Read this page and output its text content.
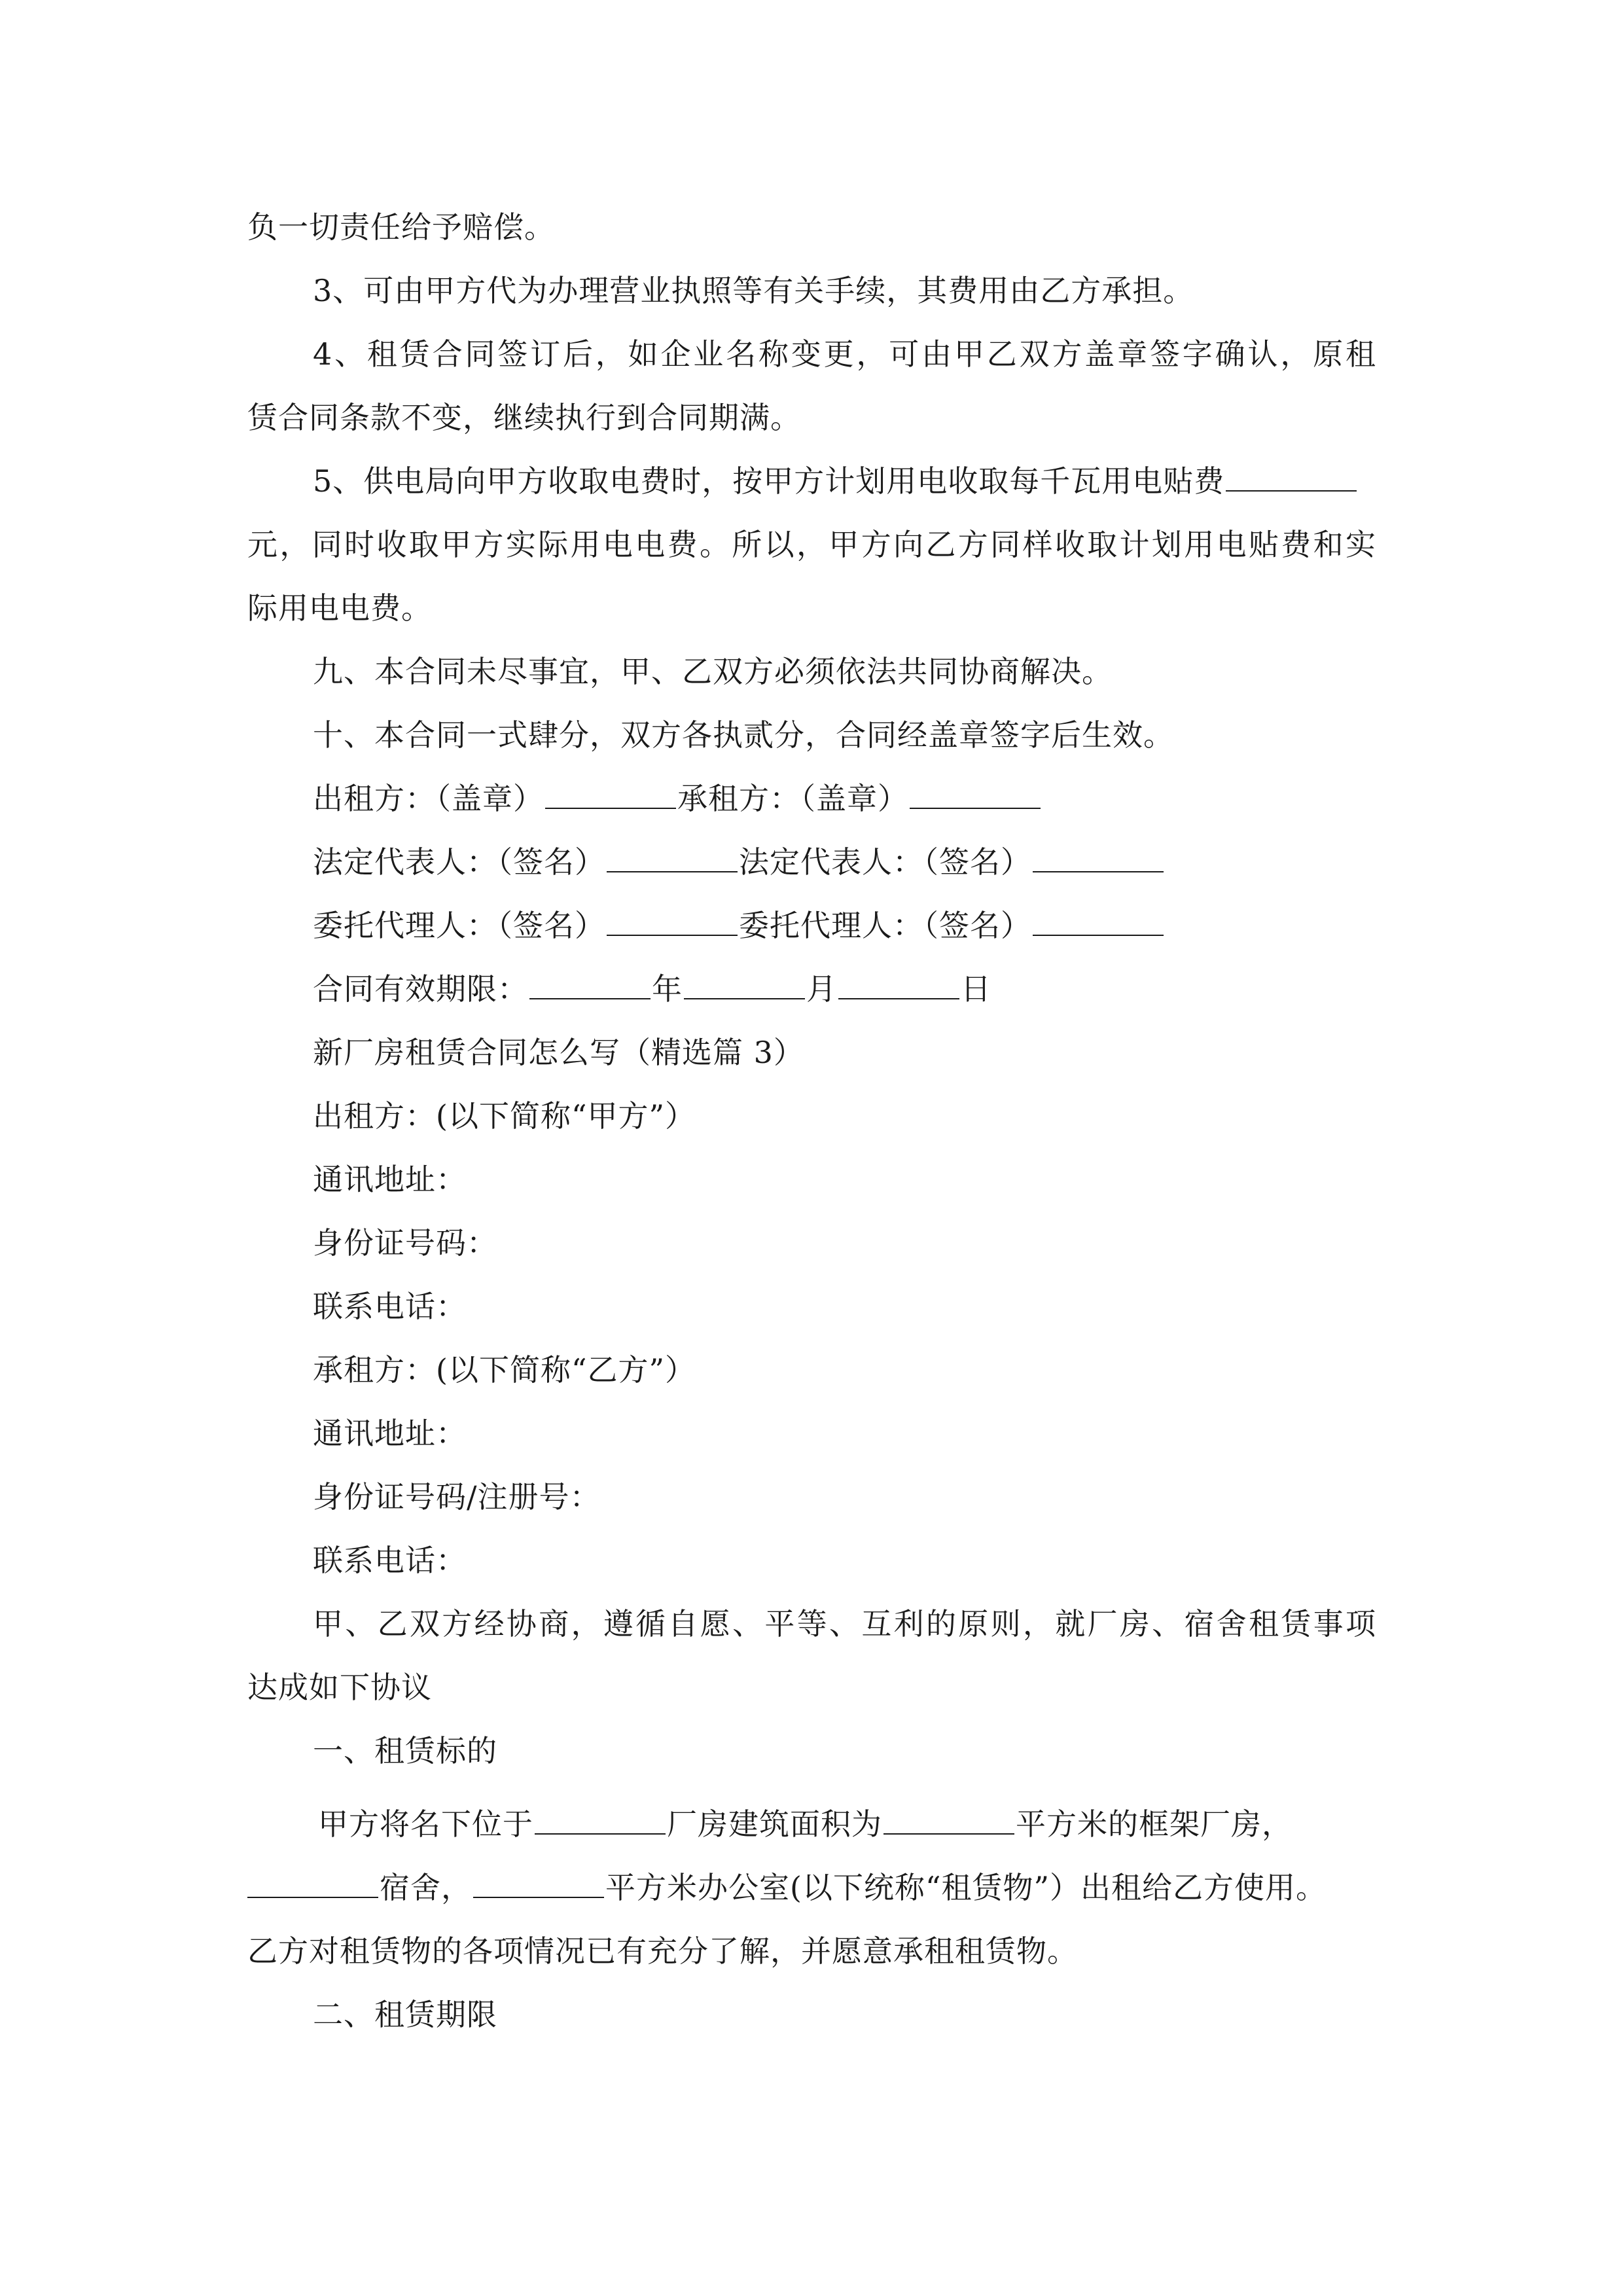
负一切责任给予赔偿。
3、可由甲方代为办理营业执照等有关手续，其费用由乙方承担。
4、租赁合同签订后，如企业名称变更，可由甲乙双方盖章签字确认，原租
赁合同条款不变，继续执行到合同期满。
5、供电局向甲方收取电费时，按甲方计划用电收取每千瓦用电贴费
元，同时收取甲方实际用电电费。所以，甲方向乙方同样收取计划用电贴费和实
际用电电费。
九、本合同未尽事宜，甲、乙双方必须依法共同协商解决。
十、本合同一式肆分，双方各执贰分，合同经盖章签字后生效。
出租方：（盖章）	承租方：（盖章）
法定代表人：（签名）	法定代表人：（签名）
委托代理人：（签名）	委托代理人：（签名）
合同有效期限：	年	月	日
新厂房租赁合同怎么写（精选篇 3）
出租方：(以下简称“甲方”）
通讯地址：
身份证号码：
联系电话：
承租方：(以下简称“乙方”）
通讯地址：
身份证号码/注册号：
联系电话：
甲、乙双方经协商，遵循自愿、平等、互利的原则，就厂房、宿舍租赁事项
达成如下协议
一、租赁标的
甲方将名下位于	厂房建筑面积为	平方米的框架厂房，
宿舍，	平方米办公室(以下统称“租赁物”）出租给乙方使用。
乙方对租赁物的各项情况已有充分了解，并愿意承租租赁物。
二、租赁期限
